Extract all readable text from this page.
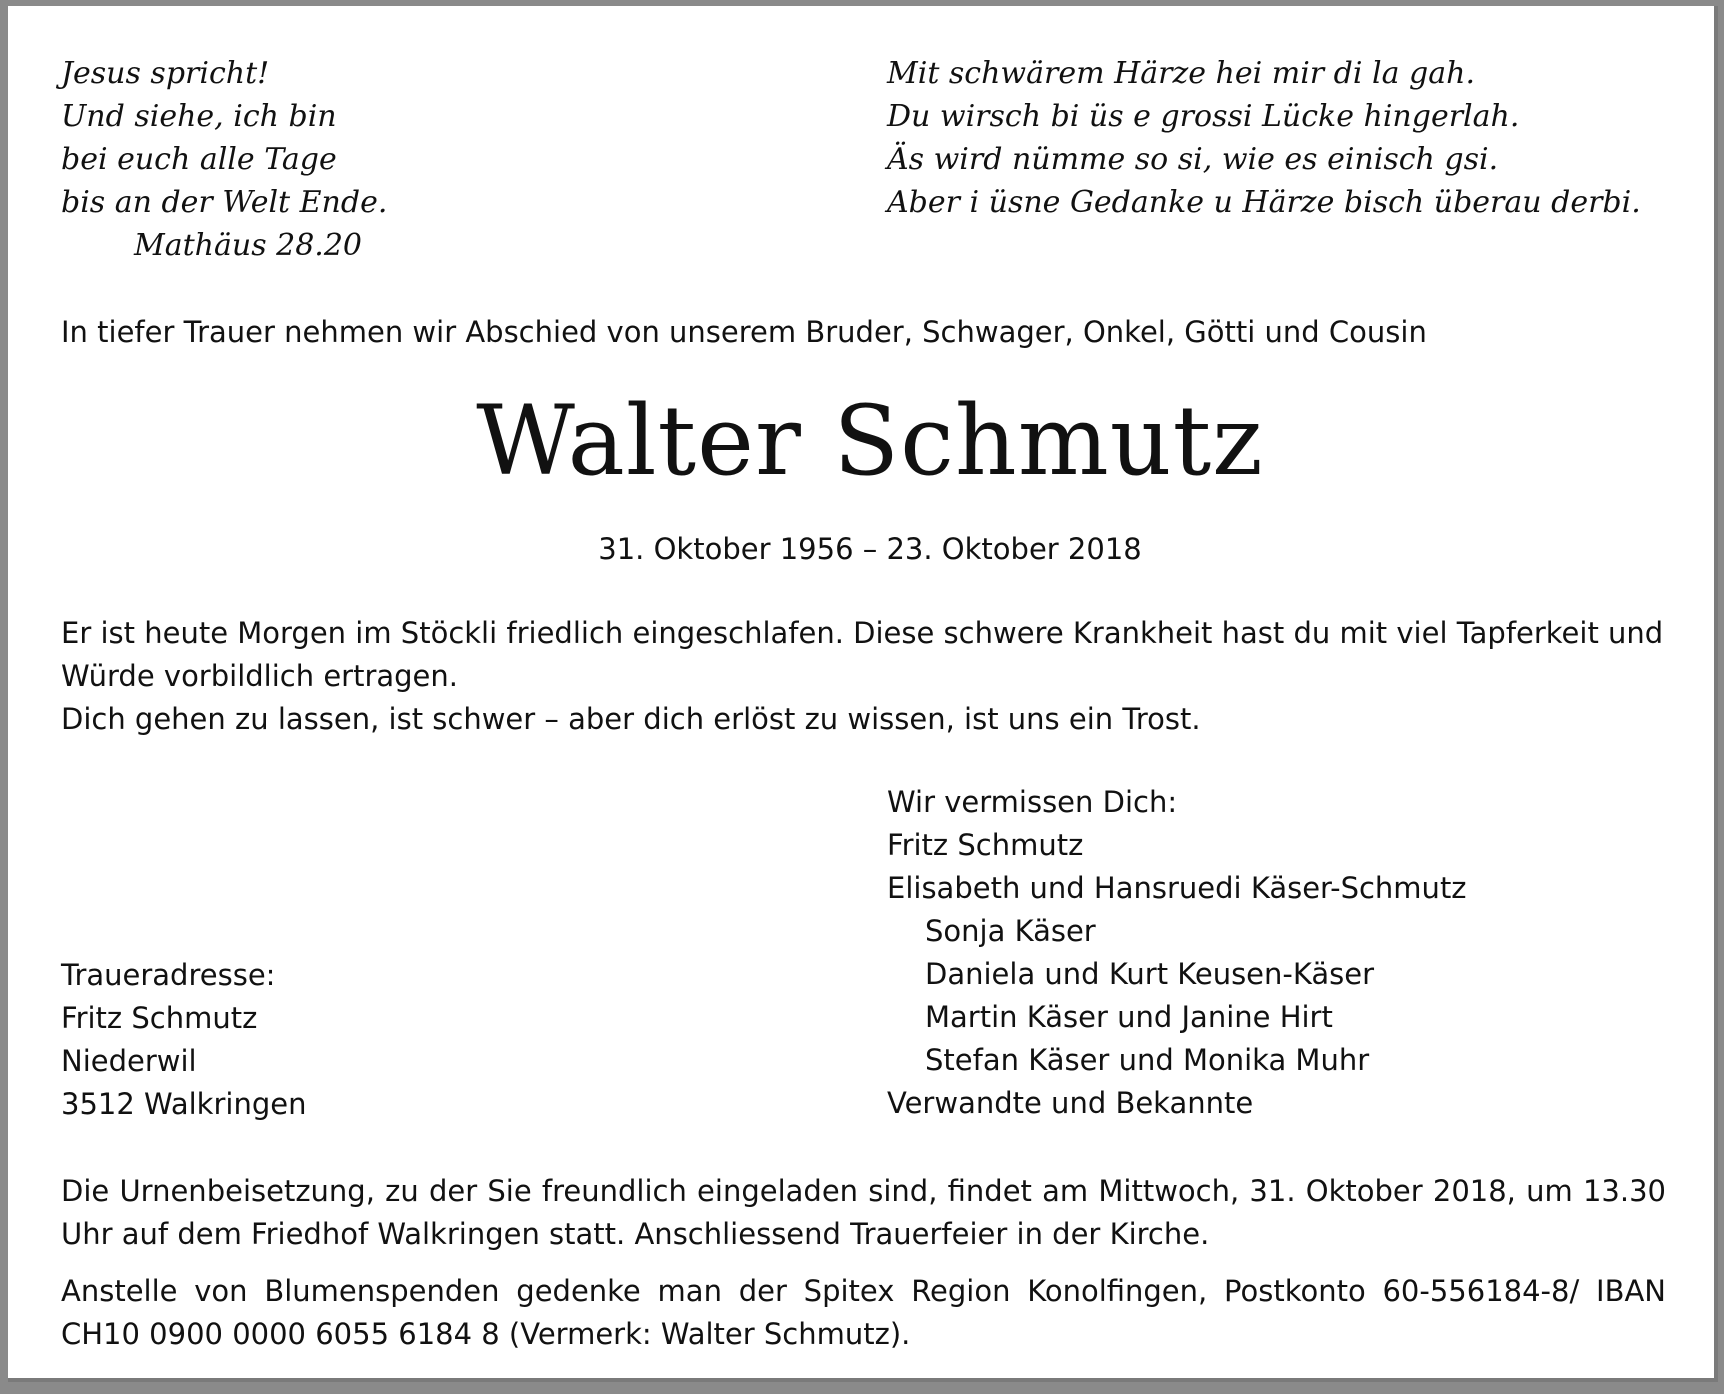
Jesus spricht!
Und siehe, ich bin
bei euch alle Tage
bis an der Welt Ende.
Mathäus 28.20
Mit schwärem Härze hei mir di la gah.
Du wirsch bi üs e grossi Lücke hingerlah.
Äs wird nümme so si, wie es einisch gsi.
Aber i üsne Gedanke u Härze bisch überau derbi.
In tiefer Trauer nehmen wir Abschied von unserem Bruder, Schwager, Onkel, Götti und Cousin
Walter Schmutz
31. Oktober 1956 – 23. Oktober 2018

Er ist heute Morgen im Stöckli friedlich eingeschlafen. Diese schwere Krankheit hast du mit viel Tapferkeit und Würde vorbildlich ertragen.

Dich gehen zu lassen, ist schwer – aber dich erlöst zu wissen, ist uns ein Trost.

Wir vermissen Dich:
Fritz Schmutz
Elisabeth und Hansruedi Käser-Schmutz
Sonja Käser
Daniela und Kurt Keusen-Käser
Martin Käser und Janine Hirt
Stefan Käser und Monika Muhr
Verwandte und Bekannte
Traueradresse:
Fritz Schmutz
Niederwil
3512 Walkringen
Die Urnenbeisetzung, zu der Sie freundlich eingeladen sind, findet am Mittwoch, 31. Oktober 2018, um 13.30 Uhr auf dem Friedhof Walkringen statt. Anschliessend Trauerfeier in der Kirche.
Anstelle von Blumenspenden gedenke man der Spitex Region Konolfingen, Postkonto 60-556184-8/ IBAN CH10 0900 0000 6055 6184 8 (Vermerk: Walter Schmutz).
